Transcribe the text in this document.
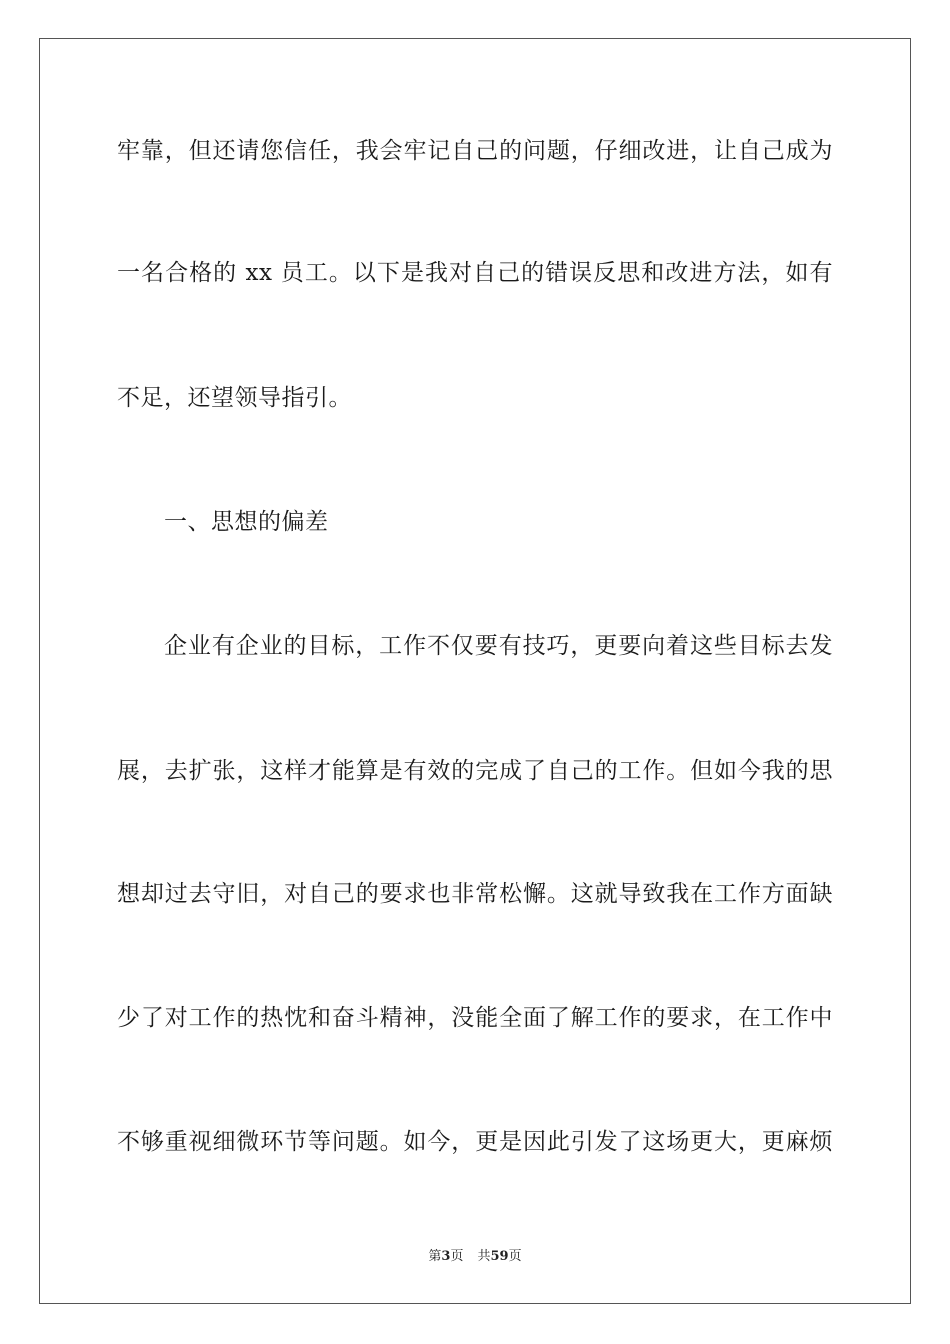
牢靠，但还请您信任，我会牢记自己的问题，仔细改进，让自己成为
一名合格的 xx 员工。以下是我对自己的错误反思和改进方法，如有
不足，还望领导指引。
一、思想的偏差
企业有企业的目标，工作不仅要有技巧，更要向着这些目标去发
展，去扩张，这样才能算是有效的完成了自己的工作。但如今我的思
想却过去守旧，对自己的要求也非常松懈。这就导致我在工作方面缺
少了对工作的热忱和奋斗精神，没能全面了解工作的要求，在工作中
不够重视细微环节等问题。如今，更是因此引发了这场更大，更麻烦
第3页 共59页
